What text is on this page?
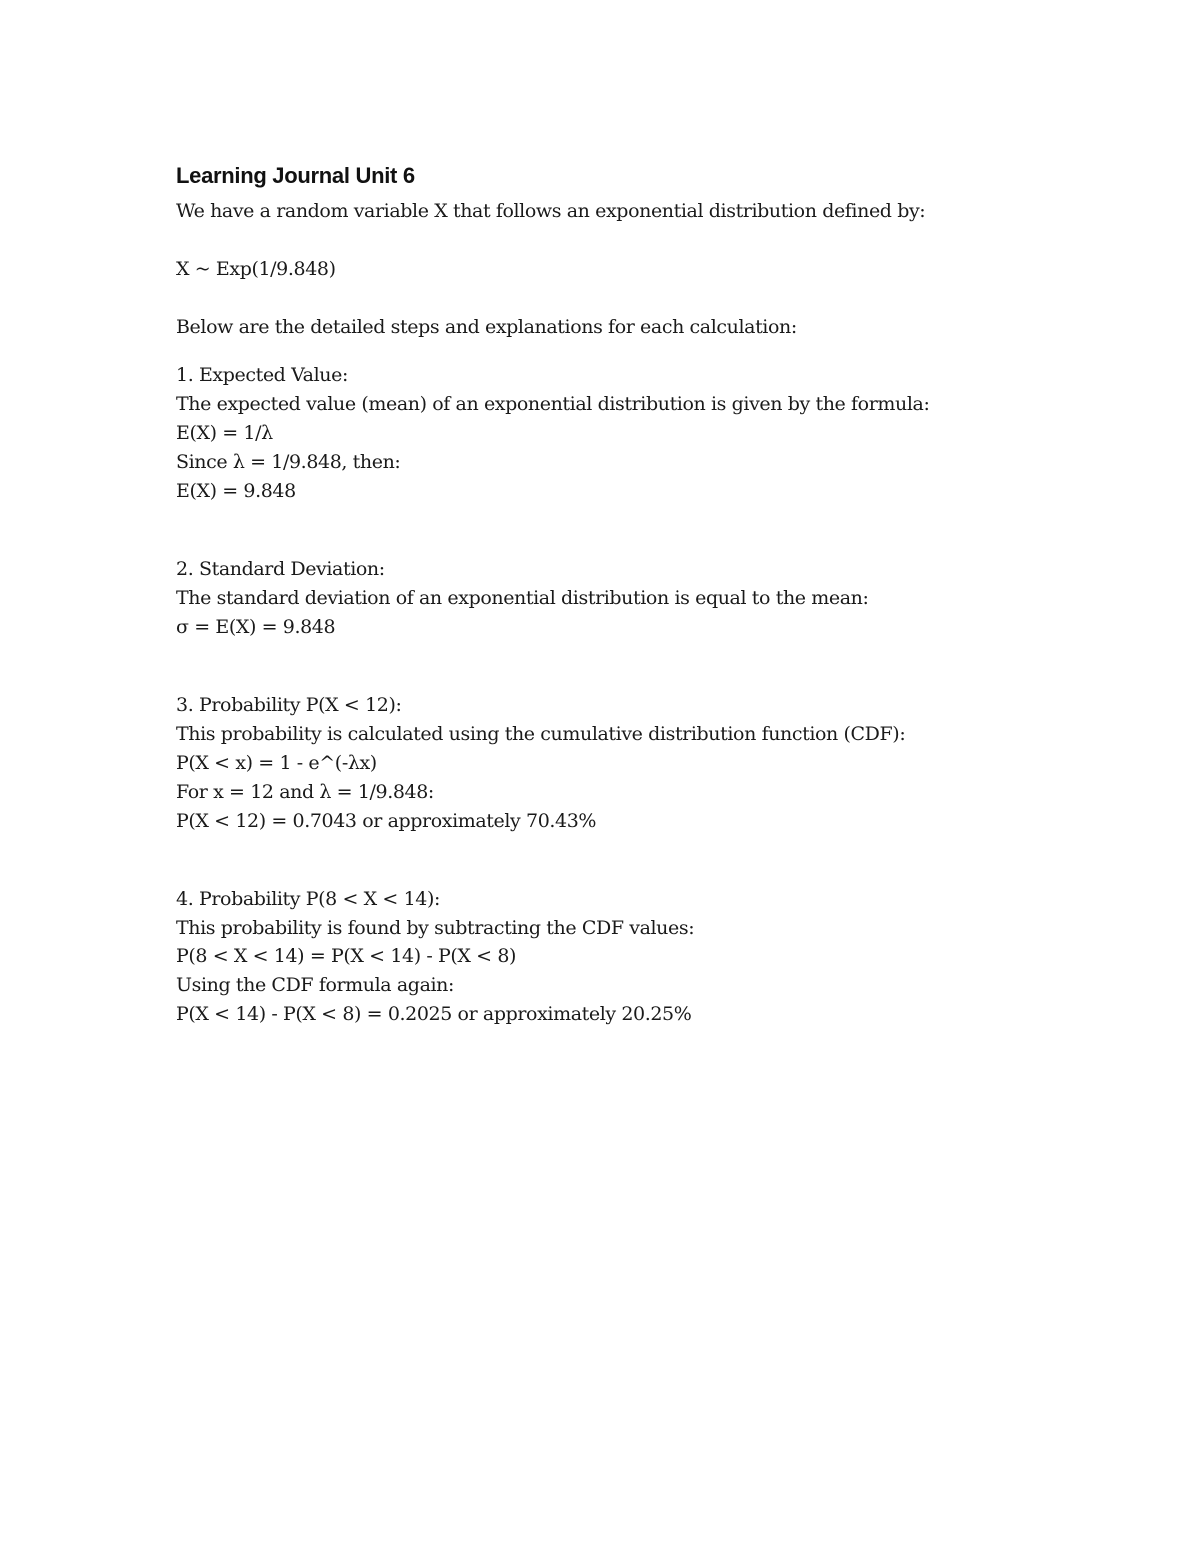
Learning Journal Unit 6
We have a random variable X that follows an exponential distribution defined by:
X ~ Exp(1/9.848)
Below are the detailed steps and explanations for each calculation:
1. Expected Value:
The expected value (mean) of an exponential distribution is given by the formula:
E(X) = 1/λ
Since λ = 1/9.848, then:
E(X) = 9.848
2. Standard Deviation:
The standard deviation of an exponential distribution is equal to the mean:
σ = E(X) = 9.848
3. Probability P(X < 12):
This probability is calculated using the cumulative distribution function (CDF):
P(X < x) = 1 - e^(-λx)
For x = 12 and λ = 1/9.848:
P(X < 12) = 0.7043 or approximately 70.43%
4. Probability P(8 < X < 14):
This probability is found by subtracting the CDF values:
P(8 < X < 14) = P(X < 14) - P(X < 8)
Using the CDF formula again:
P(X < 14) - P(X < 8) = 0.2025 or approximately 20.25%
